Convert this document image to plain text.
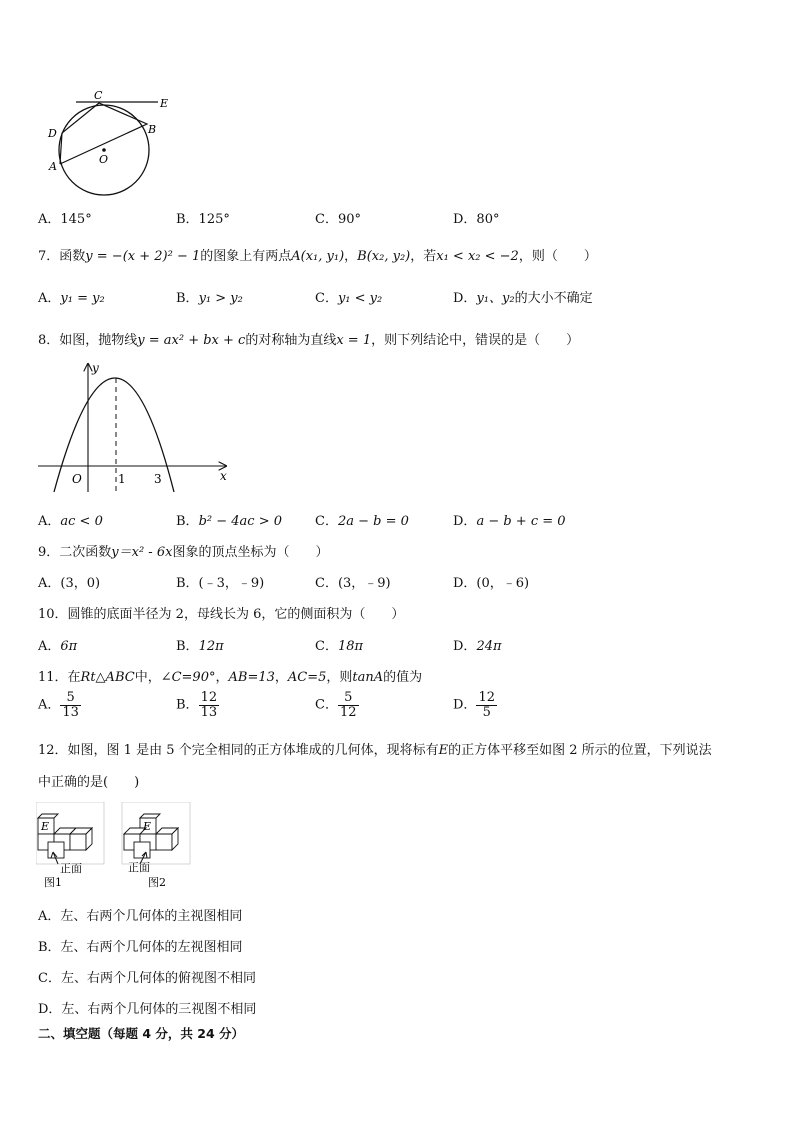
C
E
D	B
A
O
A．145°	B．125°	C．90°	D．80°
7．函数y = −(x + 2)² − 1的图象上有两点A(x₁, y₁)，B(x₂, y₂)，若x₁ < x₂ < −2，则（　　）
A．y₁ = y₂	B．y₁ > y₂	C．y₁ < y₂	D．y₁、y₂的大小不确定
8．如图，抛物线y = ax² + bx + c的对称轴为直线x = 1，则下列结论中，错误的是（　　）
y
x
O	1 3
A．ac < 0	B．b² − 4ac > 0	C．2a − b = 0	D．a − b + c = 0
9．二次函数y＝x² - 6x图象的顶点坐标为（　　）
A．(3，0)	B．(﹣3，﹣9)	C．(3，﹣9)	D．(0，﹣6)
10．圆锥的底面半径为 2，母线长为 6，它的侧面积为（　　）
A．6π	B．12π	C．18π	D．24π
11．在Rt△ABC中，∠C=90°，AB=13，AC=5，则tanA的值为
A． $\frac{5}{13}$	B． $\frac{12}{13}$	C． $\frac{5}{12}$	D． $\frac{12}{5}$
12．如图，图 1 是由 5 个完全相同的正方体堆成的几何体，现将标有E的正方体平移至如图 2 所示的位置，下列说法
中正确的是(　　)
E	E
正面	正面
图1	图2
A．左、右两个几何体的主视图相同
B．左、右两个几何体的左视图相同
C．左、右两个几何体的俯视图不相同
D．左、右两个几何体的三视图不相同
二、填空题（每题 4 分，共 24 分）
